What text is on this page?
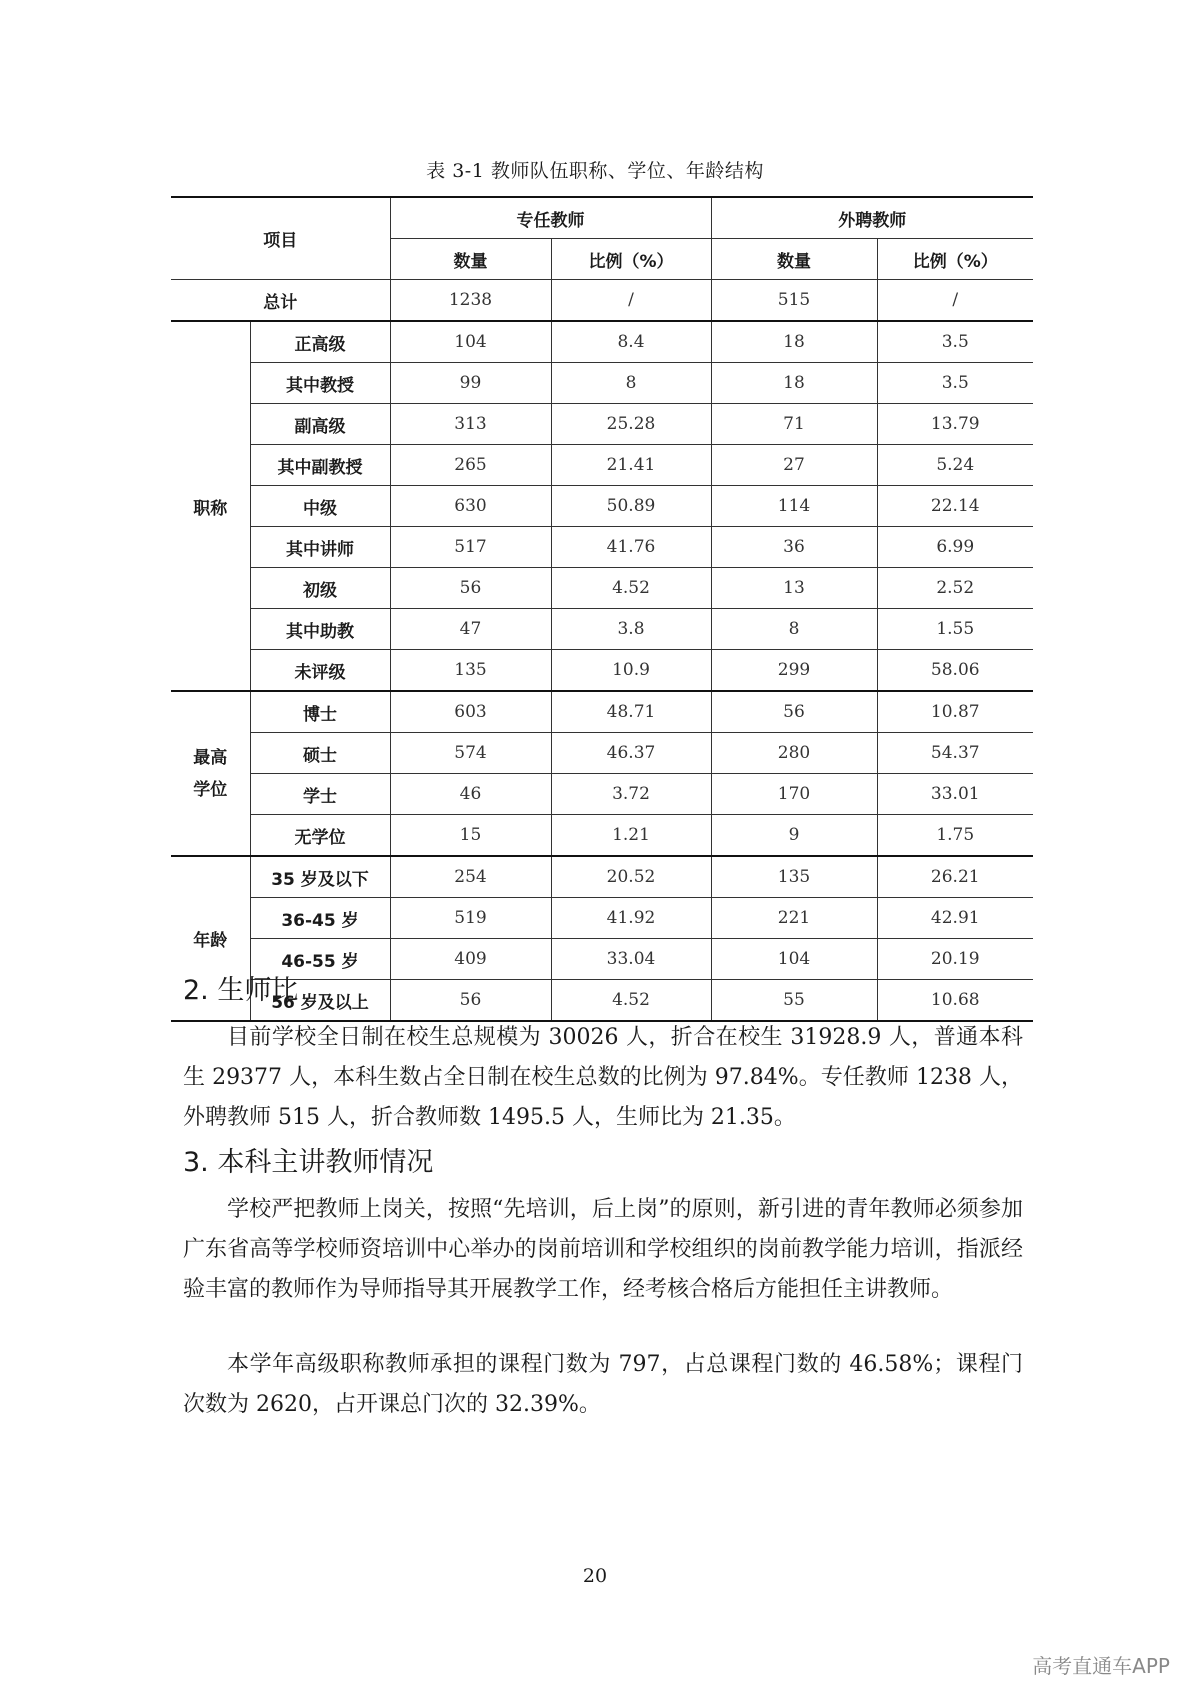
表 3-1 教师队伍职称、学位、年龄结构
项目		专任教师		外聘教师	
		数量	比例（%）	数量	比例（%）
总计		1238	/	515	/
职称	正高级	104	8.4	18	3.5
	其中教授	99	8	18	3.5
	副高级	313	25.28	71	13.79
	其中副教授	265	21.41	27	5.24
	中级	630	50.89	114	22.14
	其中讲师	517	41.76	36	6.99
	初级	56	4.52	13	2.52
	其中助教	47	3.8	8	1.55
	未评级	135	10.9	299	58.06

最高
学位	博士	603	48.71	56	10.87
	硕士	574	46.37	280	54.37
	学士	46	3.72	170	33.01
	无学位	15	1.21	9	1.75
年龄	35 岁及以下	254	20.52	135	26.21
	36-45 岁	519	41.92	221	42.91
	46-55 岁	409	33.04	104	20.19
	56 岁及以上	56	4.52	55	10.68
2. 生师比

目前学校全日制在校生总规模为 30026 人，折合在校生 31928.9 人，普通本科生 29377 人，本科生数占全日制在校生总数的比例为 97.84%。专任教师 1238 人，外聘教师 515 人，折合教师数 1495.5 人，生师比为 21.35。

3. 本科主讲教师情况

学校严把教师上岗关，按照“先培训，后上岗”的原则，新引进的青年教师必须参加广东省高等学校师资培训中心举办的岗前培训和学校组织的岗前教学能力培训，指派经验丰富的教师作为导师指导其开展教学工作，经考核合格后方能担任主讲教师。

本学年高级职称教师承担的课程门数为 797，占总课程门数的 46.58%；课程门次数为 2620，占开课总门次的 32.39%。

20
高考直通车APP
